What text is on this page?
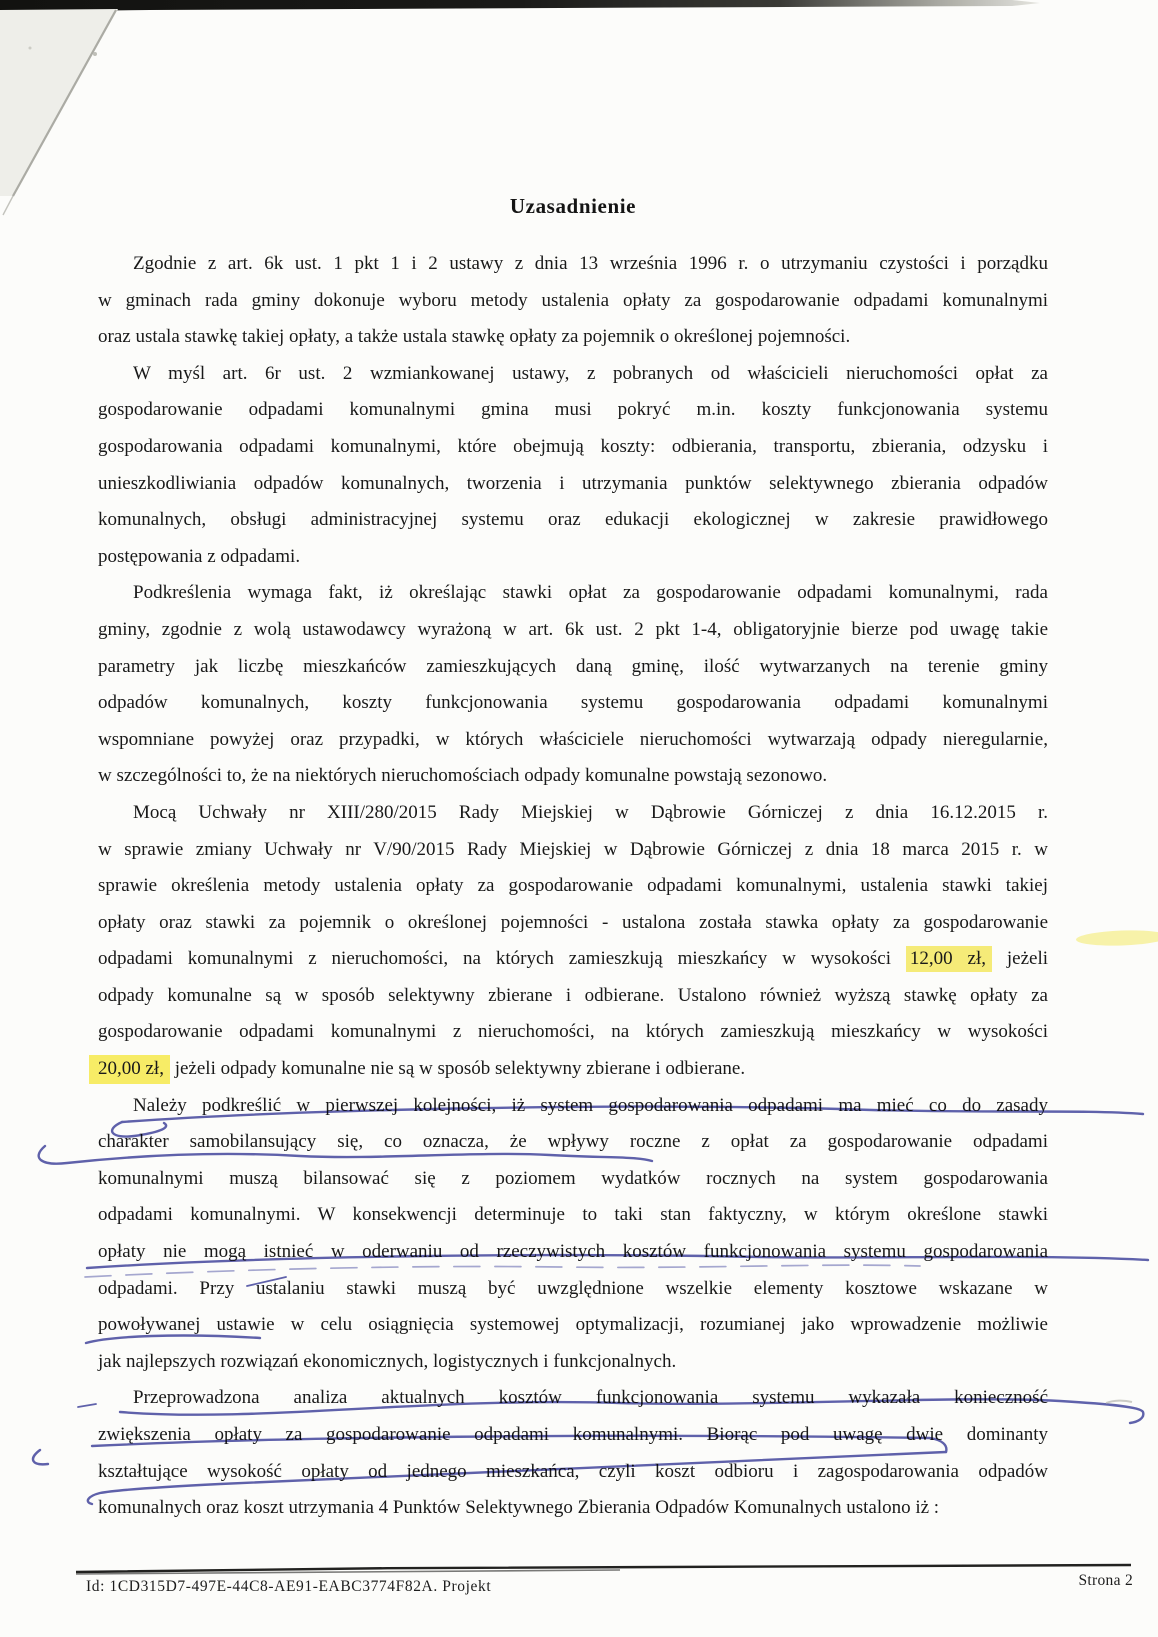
Uzasadnienie
Zgodnie z art. 6k ust. 1 pkt 1 i 2 ustawy z dnia 13 września 1996 r. o utrzymaniu czystości i porządku
w gminach rada gminy dokonuje wyboru metody ustalenia opłaty za gospodarowanie odpadami komunalnymi
oraz ustala stawkę takiej opłaty, a także ustala stawkę opłaty za pojemnik o określonej pojemności.
W myśl art. 6r ust. 2 wzmiankowanej ustawy, z pobranych od właścicieli nieruchomości opłat za
gospodarowanie odpadami komunalnymi gmina musi pokryć m.in. koszty funkcjonowania systemu
gospodarowania odpadami komunalnymi, które obejmują koszty: odbierania, transportu, zbierania, odzysku i
unieszkodliwiania odpadów komunalnych, tworzenia i utrzymania punktów selektywnego zbierania odpadów
komunalnych, obsługi administracyjnej systemu oraz edukacji ekologicznej w zakresie prawidłowego
postępowania z odpadami.
Podkreślenia wymaga fakt, iż określając stawki opłat za gospodarowanie odpadami komunalnymi, rada
gminy, zgodnie z wolą ustawodawcy wyrażoną w art. 6k ust. 2 pkt 1-4, obligatoryjnie bierze pod uwagę takie
parametry jak liczbę mieszkańców zamieszkujących daną gminę, ilość wytwarzanych na terenie gminy
odpadów komunalnych, koszty funkcjonowania systemu gospodarowania odpadami komunalnymi
wspomniane powyżej oraz przypadki, w których właściciele nieruchomości wytwarzają odpady nieregularnie,
w szczególności to, że na niektórych nieruchomościach odpady komunalne powstają sezonowo.
Mocą Uchwały nr XIII/280/2015 Rady Miejskiej w Dąbrowie Górniczej z dnia 16.12.2015 r.
w sprawie zmiany Uchwały nr V/90/2015 Rady Miejskiej w Dąbrowie Górniczej z dnia 18 marca 2015 r. w
sprawie określenia metody ustalenia opłaty za gospodarowanie odpadami komunalnymi, ustalenia stawki takiej
opłaty oraz stawki za pojemnik o określonej pojemności - ustalona została stawka opłaty za gospodarowanie
odpadami komunalnymi z nieruchomości, na których zamieszkują mieszkańcy w wysokości 12,00 zł, jeżeli
odpady komunalne są w sposób selektywny zbierane i odbierane. Ustalono również wyższą stawkę opłaty za
gospodarowanie odpadami komunalnymi z nieruchomości, na których zamieszkują mieszkańcy w wysokości
20,00 zł, jeżeli odpady komunalne nie są w sposób selektywny zbierane i odbierane.
Należy podkreślić w pierwszej kolejności, iż system gospodarowania odpadami ma mieć co do zasady
charakter samobilansujący się, co oznacza, że wpływy roczne z opłat za gospodarowanie odpadami
komunalnymi muszą bilansować się z poziomem wydatków rocznych na system gospodarowania
odpadami komunalnymi. W konsekwencji determinuje to taki stan faktyczny, w którym określone stawki
opłaty nie mogą istnieć w oderwaniu od rzeczywistych kosztów funkcjonowania systemu gospodarowania
odpadami. Przy ustalaniu stawki muszą być uwzględnione wszelkie elementy kosztowe wskazane w
powoływanej ustawie w celu osiągnięcia systemowej optymalizacji, rozumianej jako wprowadzenie możliwie
jak najlepszych rozwiązań ekonomicznych, logistycznych i funkcjonalnych.
Przeprowadzona analiza aktualnych kosztów funkcjonowania systemu wykazała konieczność
zwiększenia opłaty za gospodarowanie odpadami komunalnymi. Biorąc pod uwagę dwie dominanty
kształtujące wysokość opłaty od jednego mieszkańca, czyli koszt odbioru i zagospodarowania odpadów
komunalnych oraz koszt utrzymania 4 Punktów Selektywnego Zbierania Odpadów Komunalnych ustalono iż :
Id: 1CD315D7-497E-44C8-AE91-EABC3774F82A. Projekt	Strona 2
